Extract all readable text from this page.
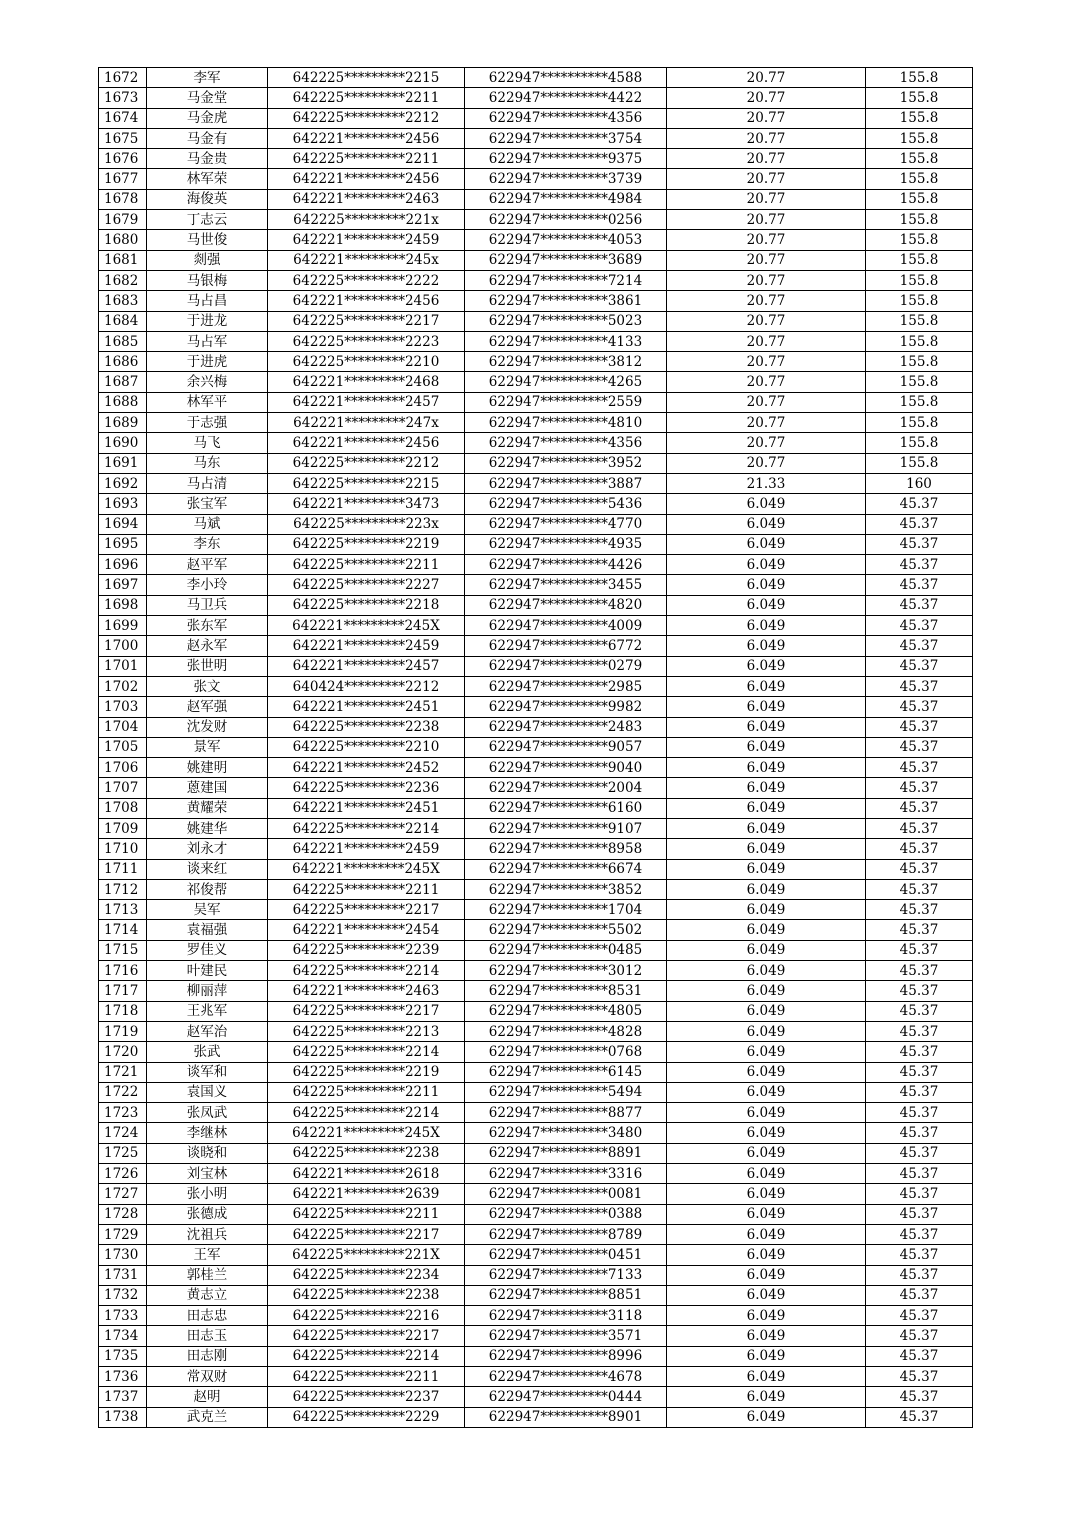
1672	李军	642225*********2215	622947**********4588	20.77	155.8
1673	马金堂	642225*********2211	622947**********4422	20.77	155.8
1674	马金虎	642225*********2212	622947**********4356	20.77	155.8
1675	马金有	642221*********2456	622947**********3754	20.77	155.8
1676	马金贵	642225*********2211	622947**********9375	20.77	155.8
1677	林军荣	642221*********2456	622947**********3739	20.77	155.8
1678	海俊英	642221*********2463	622947**********4984	20.77	155.8
1679	丁志云	642225*********221x	622947**********0256	20.77	155.8
1680	马世俊	642221*********2459	622947**********4053	20.77	155.8
1681	剡强	642221*********245x	622947**********3689	20.77	155.8
1682	马银梅	642225*********2222	622947**********7214	20.77	155.8
1683	马占昌	642221*********2456	622947**********3861	20.77	155.8
1684	于进龙	642225*********2217	622947**********5023	20.77	155.8
1685	马占军	642225*********2223	622947**********4133	20.77	155.8
1686	于进虎	642225*********2210	622947**********3812	20.77	155.8
1687	余兴梅	642221*********2468	622947**********4265	20.77	155.8
1688	林军平	642221*********2457	622947**********2559	20.77	155.8
1689	于志强	642221*********247x	622947**********4810	20.77	155.8
1690	马飞	642221*********2456	622947**********4356	20.77	155.8
1691	马东	642225*********2212	622947**********3952	20.77	155.8
1692	马占清	642225*********2215	622947**********3887	21.33	160
1693	张宝军	642221*********3473	622947**********5436	6.049	45.37
1694	马斌	642225*********223x	622947**********4770	6.049	45.37
1695	李东	642225*********2219	622947**********4935	6.049	45.37
1696	赵平军	642225*********2211	622947**********4426	6.049	45.37
1697	李小玲	642225*********2227	622947**********3455	6.049	45.37
1698	马卫兵	642225*********2218	622947**********4820	6.049	45.37
1699	张东军	642221*********245X	622947**********4009	6.049	45.37
1700	赵永军	642221*********2459	622947**********6772	6.049	45.37
1701	张世明	642221*********2457	622947**********0279	6.049	45.37
1702	张文	640424*********2212	622947**********2985	6.049	45.37
1703	赵军强	642221*********2451	622947**********9982	6.049	45.37
1704	沈发财	642225*********2238	622947**********2483	6.049	45.37
1705	景军	642225*********2210	622947**********9057	6.049	45.37
1706	姚建明	642221*********2452	622947**********9040	6.049	45.37
1707	蒽建国	642225*********2236	622947**********2004	6.049	45.37
1708	黄耀荣	642221*********2451	622947**********6160	6.049	45.37
1709	姚建华	642225*********2214	622947**********9107	6.049	45.37
1710	刘永才	642221*********2459	622947**********8958	6.049	45.37
1711	谈来红	642221*********245X	622947**********6674	6.049	45.37
1712	祁俊帮	642225*********2211	622947**********3852	6.049	45.37
1713	吴军	642225*********2217	622947**********1704	6.049	45.37
1714	袁福强	642221*********2454	622947**********5502	6.049	45.37
1715	罗佳义	642225*********2239	622947**********0485	6.049	45.37
1716	叶建民	642225*********2214	622947**********3012	6.049	45.37
1717	柳丽萍	642221*********2463	622947**********8531	6.049	45.37
1718	王兆军	642225*********2217	622947**********4805	6.049	45.37
1719	赵军治	642225*********2213	622947**********4828	6.049	45.37
1720	张武	642225*********2214	622947**********0768	6.049	45.37
1721	谈军和	642225*********2219	622947**********6145	6.049	45.37
1722	袁国义	642225*********2211	622947**********5494	6.049	45.37
1723	张凤武	642225*********2214	622947**********8877	6.049	45.37
1724	李继林	642221*********245X	622947**********3480	6.049	45.37
1725	谈晓和	642225*********2238	622947**********8891	6.049	45.37
1726	刘宝林	642221*********2618	622947**********3316	6.049	45.37
1727	张小明	642221*********2639	622947**********0081	6.049	45.37
1728	张德成	642225*********2211	622947**********0388	6.049	45.37
1729	沈祖兵	642225*********2217	622947**********8789	6.049	45.37
1730	王军	642225*********221X	622947**********0451	6.049	45.37
1731	郭桂兰	642225*********2234	622947**********7133	6.049	45.37
1732	黄志立	642225*********2238	622947**********8851	6.049	45.37
1733	田志忠	642225*********2216	622947**********3118	6.049	45.37
1734	田志玉	642225*********2217	622947**********3571	6.049	45.37
1735	田志刚	642225*********2214	622947**********8996	6.049	45.37
1736	常双财	642225*********2211	622947**********4678	6.049	45.37
1737	赵明	642225*********2237	622947**********0444	6.049	45.37
1738	武克兰	642225*********2229	622947**********8901	6.049	45.37
